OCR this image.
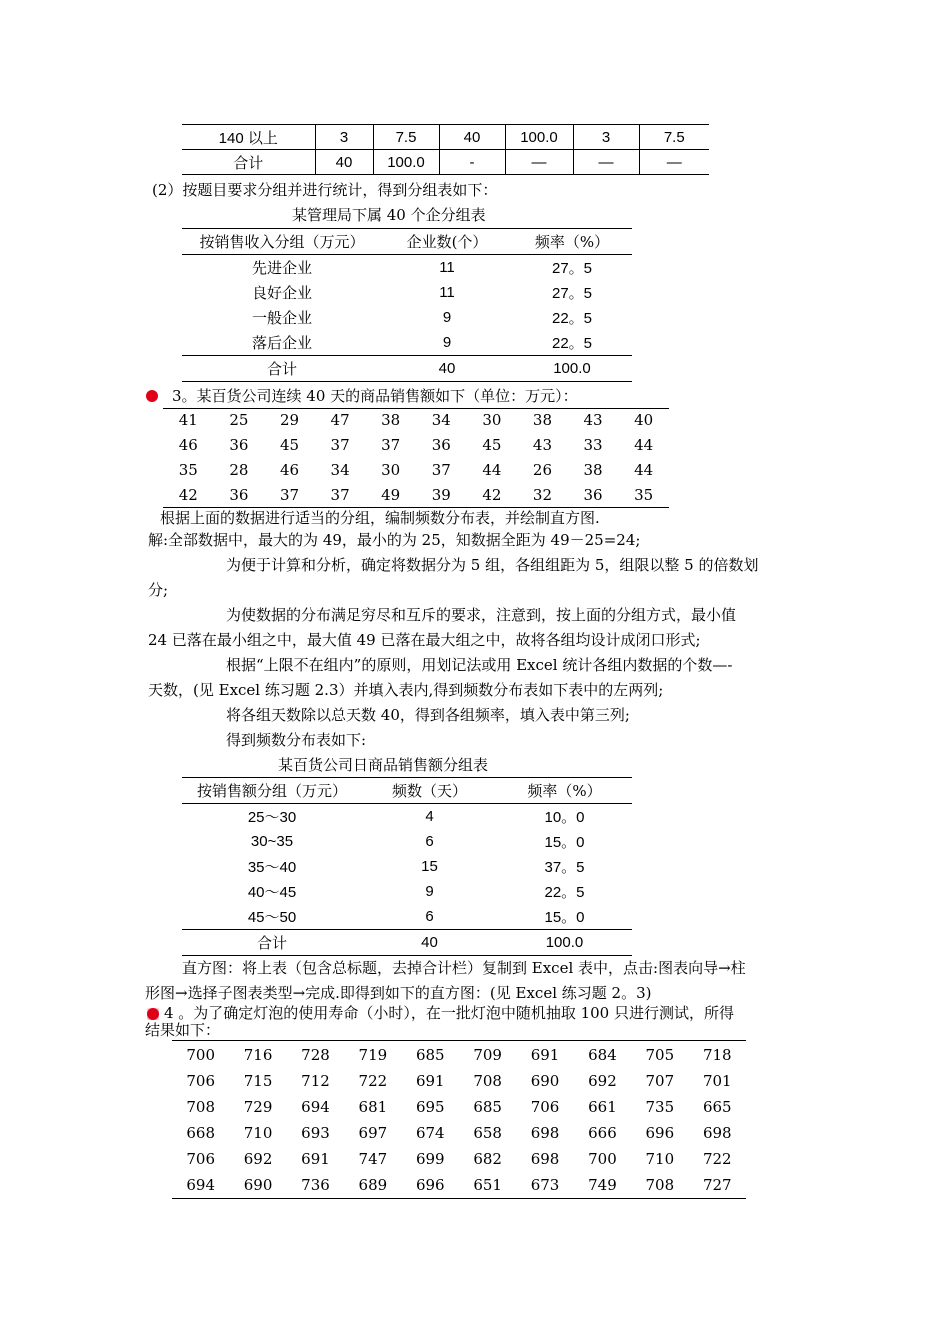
140 以上	3	7.5	40	100.0	3	7.5
合计	40	100.0	-	—	—	—
(2）按题目要求分组并进行统计，得到分组表如下：
某管理局下属 40 个企分组表
按销售收入分组（万元）	企业数(个）	频率（%）
先进企业	11	27。5
良好企业	11	27。5
一般企业	9	22。5
落后企业	9	22。5
合计	40	100.0
3。某百货公司连续 40 天的商品销售额如下（单位：万元）：
41	25	29	47	38	34	30	38	43	40
46	36	45	37	37	36	45	43	33	44
35	28	46	34	30	37	44	26	38	44
42	36	37	37	49	39	42	32	36	35
根据上面的数据进行适当的分组，编制频数分布表，并绘制直方图.
解:全部数据中，最大的为 49，最小的为 25，知数据全距为 49－25=24;
为便于计算和分析，确定将数据分为 5 组，各组组距为 5，组限以整 5 的倍数划
分;
为使数据的分布满足穷尽和互斥的要求，注意到，按上面的分组方式，最小值
24 已落在最小组之中，最大值 49 已落在最大组之中，故将各组均设计成闭口形式;
根据“上限不在组内”的原则，用划记法或用 Excel 统计各组内数据的个数—-
天数，(见 Excel 练习题 2.3）并填入表内,得到频数分布表如下表中的左两列;
将各组天数除以总天数 40，得到各组频率，填入表中第三列;
得到频数分布表如下:
某百货公司日商品销售额分组表
按销售额分组（万元）	频数（天）	频率（%）
25～30	4	10。0
30~35	6	15。0
35～40	15	37。5
40～45	9	22。5
45～50	6	15。0
合计	40	100.0
直方图：将上表（包含总标题，去掉合计栏）复制到 Excel 表中，点击:图表向导→柱
形图→选择子图表类型→完成.即得到如下的直方图：(见 Excel 练习题 2。3)
4 。为了确定灯泡的使用寿命（小时），在一批灯泡中随机抽取 100 只进行测试，所得
结果如下：
700	716	728	719	685	709	691	684	705	718
706	715	712	722	691	708	690	692	707	701
708	729	694	681	695	685	706	661	735	665
668	710	693	697	674	658	698	666	696	698
706	692	691	747	699	682	698	700	710	722
694	690	736	689	696	651	673	749	708	727
